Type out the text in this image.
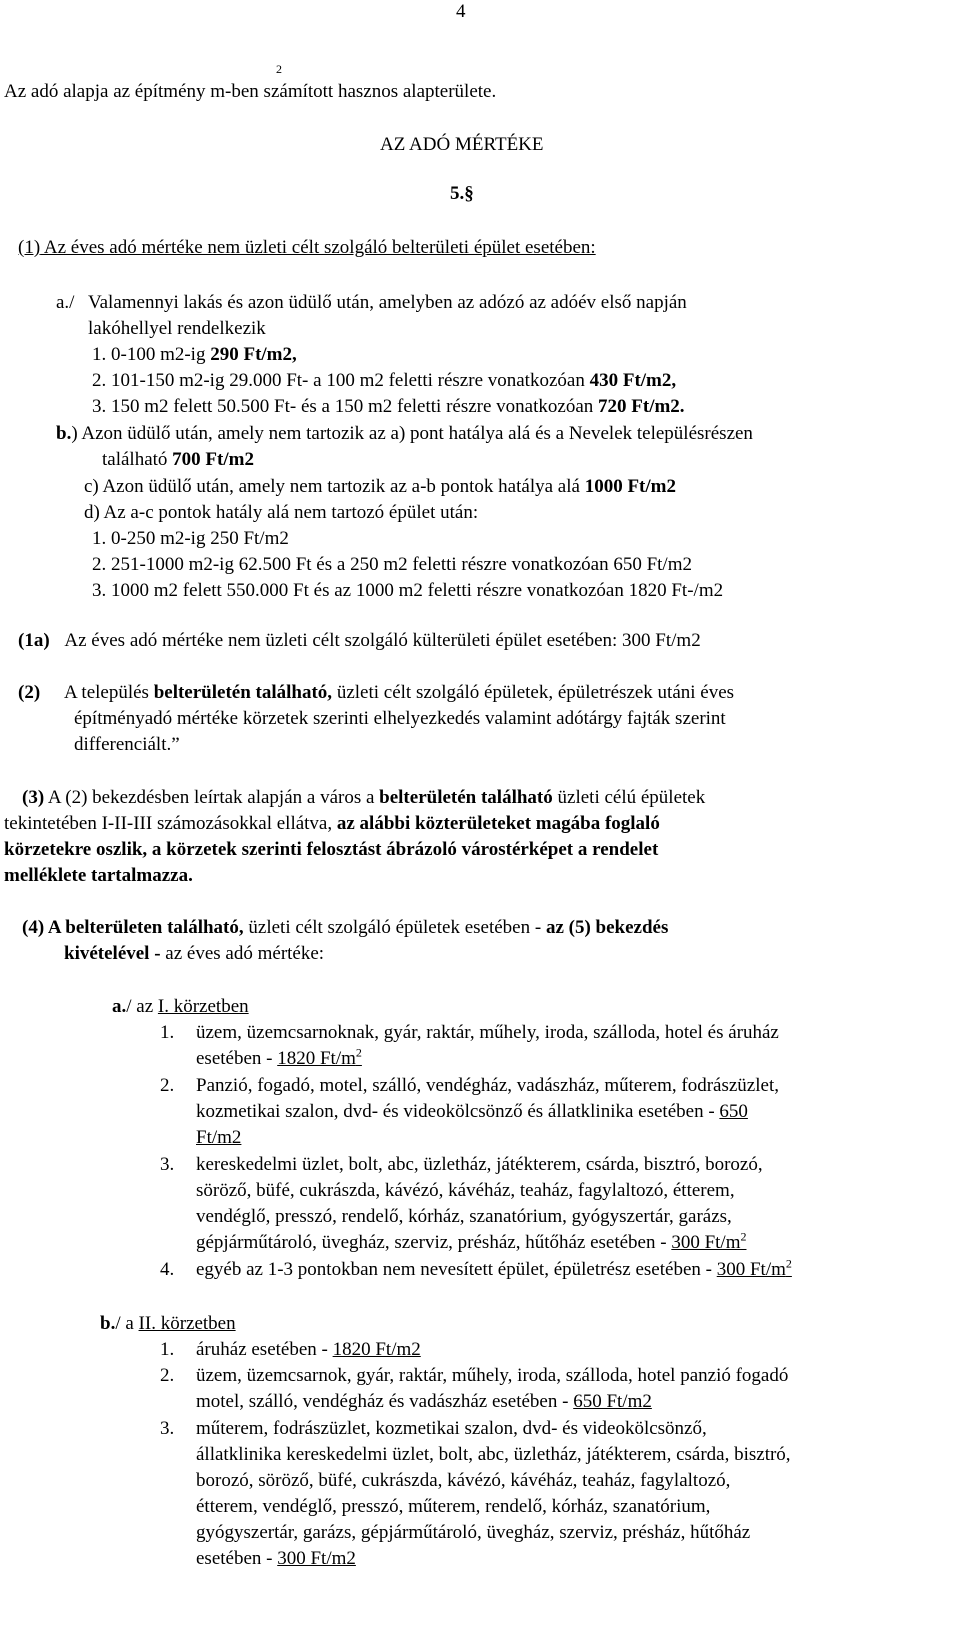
4
2
Az adó alapja az építmény m-ben számított hasznos alapterülete.
AZ ADÓ MÉRTÉKE
5.§
(1) Az éves adó mértéke nem üzleti célt szolgáló belterületi épület esetében:
a./ Valamennyi lakás és azon üdülő után, amelyben az adózó az adóév első napján
lakóhellyel rendelkezik
1. 0-100 m2-ig 290 Ft/m2,
2. 101-150 m2-ig 29.000 Ft- a 100 m2 feletti részre vonatkozóan 430 Ft/m2,
3. 150 m2 felett 50.500 Ft- és a 150 m2 feletti részre vonatkozóan 720 Ft/m2.
b.) Azon üdülő után, amely nem tartozik az a) pont hatálya alá és a Nevelek településrészen
található 700 Ft/m2
c) Azon üdülő után, amely nem tartozik az a-b pontok hatálya alá 1000 Ft/m2
d) Az a-c pontok hatály alá nem tartozó épület után:
1. 0-250 m2-ig 250 Ft/m2
2. 251-1000 m2-ig 62.500 Ft és a 250 m2 feletti részre vonatkozóan 650 Ft/m2
3. 1000 m2 felett 550.000 Ft és az 1000 m2 feletti részre vonatkozóan 1820 Ft-/m2
(1a) Az éves adó mértéke nem üzleti célt szolgáló külterületi épület esetében: 300 Ft/m2
(2) A település belterületén található, üzleti célt szolgáló épületek, épületrészek utáni éves
építményadó mértéke körzetek szerinti elhelyezkedés valamint adótárgy fajták szerint
differenciált.”
(3) A (2) bekezdésben leírtak alapján a város a belterületén található üzleti célú épületek
tekintetében I-II-III számozásokkal ellátva, az alábbi közterületeket magába foglaló
körzetekre oszlik, a körzetek szerinti felosztást ábrázoló várostérképet a rendelet
melléklete tartalmazza.
(4) A belterületen található, üzleti célt szolgáló épületek esetében - az (5) bekezdés
kivételével - az éves adó mértéke:
a./ az I. körzetben
1. üzem, üzemcsarnoknak, gyár, raktár, műhely, iroda, szálloda, hotel és áruház
esetében - 1820 $Ft/m^2$
2. Panzió, fogadó, motel, szálló, vendégház, vadászház, műterem, fodrászüzlet,
kozmetikai szalon, dvd- és videokölcsönző és állatklinika esetében - 650
Ft/m2
3. kereskedelmi üzlet, bolt, abc, üzletház, játékterem, csárda, bisztró, borozó,
söröző, büfé, cukrászda, kávézó, kávéház, teaház, fagylaltozó, étterem,
vendéglő, presszó, rendelő, kórház, szanatórium, gyógyszertár, garázs,
gépjárműtároló, üvegház, szerviz, présház, hűtőház esetében - 300 $Ft/m^2$
4. egyéb az 1-3 pontokban nem nevesített épület, épületrész esetében - 300 $Ft/m^2$
b./ a II. körzetben
1. áruház esetében - 1820 Ft/m2
2. üzem, üzemcsarnok, gyár, raktár, műhely, iroda, szálloda, hotel panzió fogadó
motel, szálló, vendégház és vadászház esetében - 650 Ft/m2
3. műterem, fodrászüzlet, kozmetikai szalon, dvd- és videokölcsönző,
állatklinika kereskedelmi üzlet, bolt, abc, üzletház, játékterem, csárda, bisztró,
borozó, söröző, büfé, cukrászda, kávézó, kávéház, teaház, fagylaltozó,
étterem, vendéglő, presszó, műterem, rendelő, kórház, szanatórium,
gyógyszertár, garázs, gépjárműtároló, üvegház, szerviz, présház, hűtőház
esetében - 300 Ft/m2
